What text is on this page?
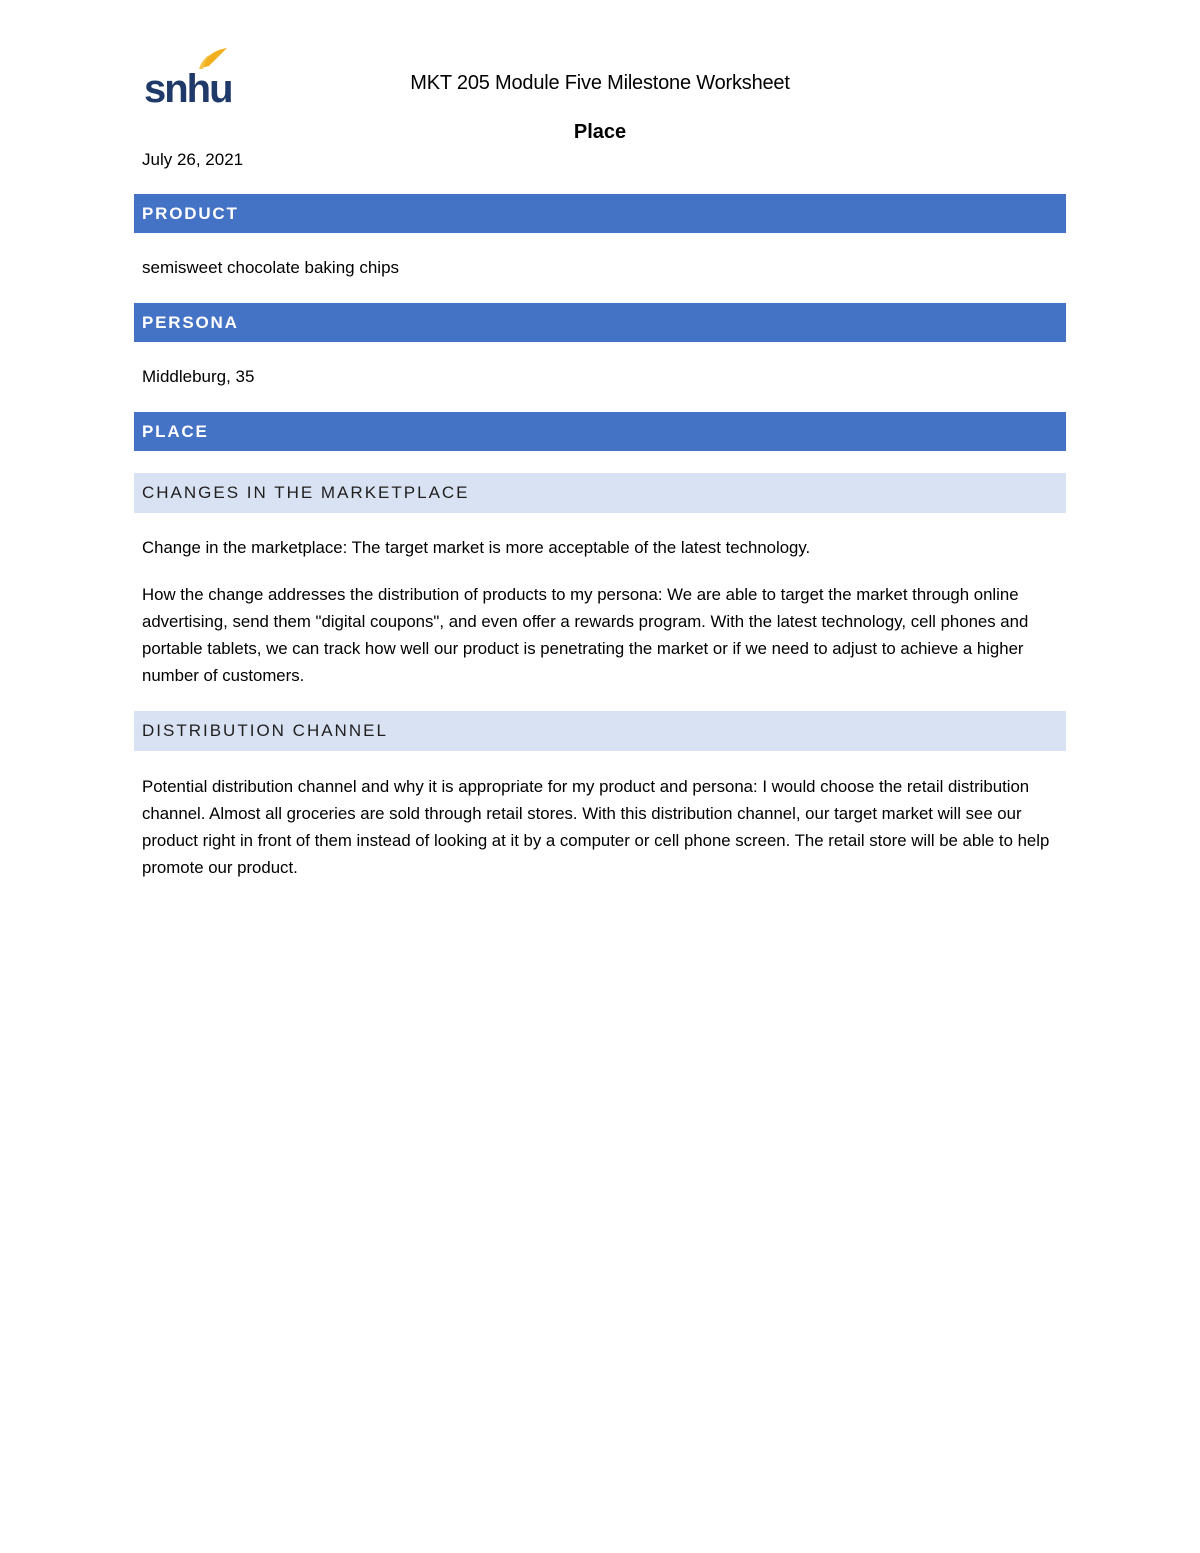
snhu	MKT 205 Module Five Milestone Worksheet
Place
July 26, 2021
PRODUCT
semisweet chocolate baking chips
PERSONA
Middleburg, 35
PLACE
CHANGES IN THE MARKETPLACE
Change in the marketplace: The target market is more acceptable of the latest technology.
How the change addresses the distribution of products to my persona: We are able to target the market through online advertising, send them "digital coupons", and even offer a rewards program. With the latest technology, cell phones and portable tablets, we can track how well our product is penetrating the market or if we need to adjust to achieve a higher number of customers.
DISTRIBUTION CHANNEL
Potential distribution channel and why it is appropriate for my product and persona: I would choose the retail distribution channel. Almost all groceries are sold through retail stores. With this distribution channel, our target market will see our product right in front of them instead of looking at it by a computer or cell phone screen. The retail store will be able to help promote our product.
